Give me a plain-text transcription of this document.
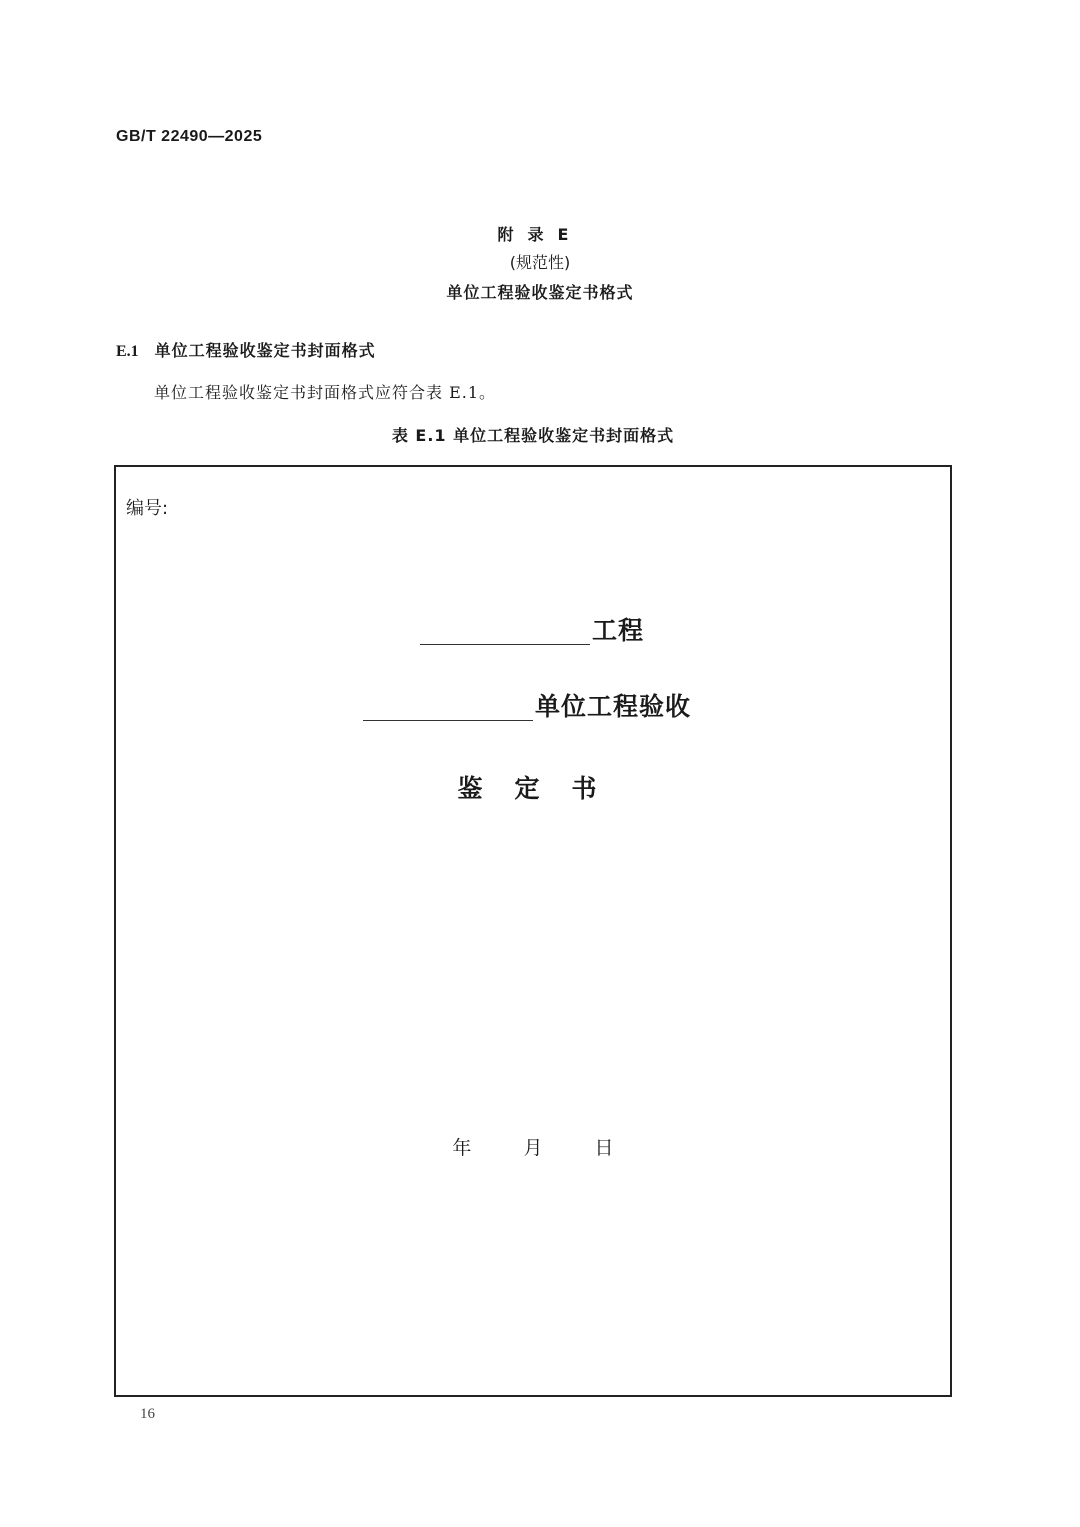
GB/T 22490—2025
附录E
(规范性)
单位工程验收鉴定书格式
E.1 单位工程验收鉴定书封面格式
单位工程验收鉴定书封面格式应符合表 E.1。
表 E.1 单位工程验收鉴定书封面格式
编号:
工程
单位工程验收
鉴定书
年	月	日
16
